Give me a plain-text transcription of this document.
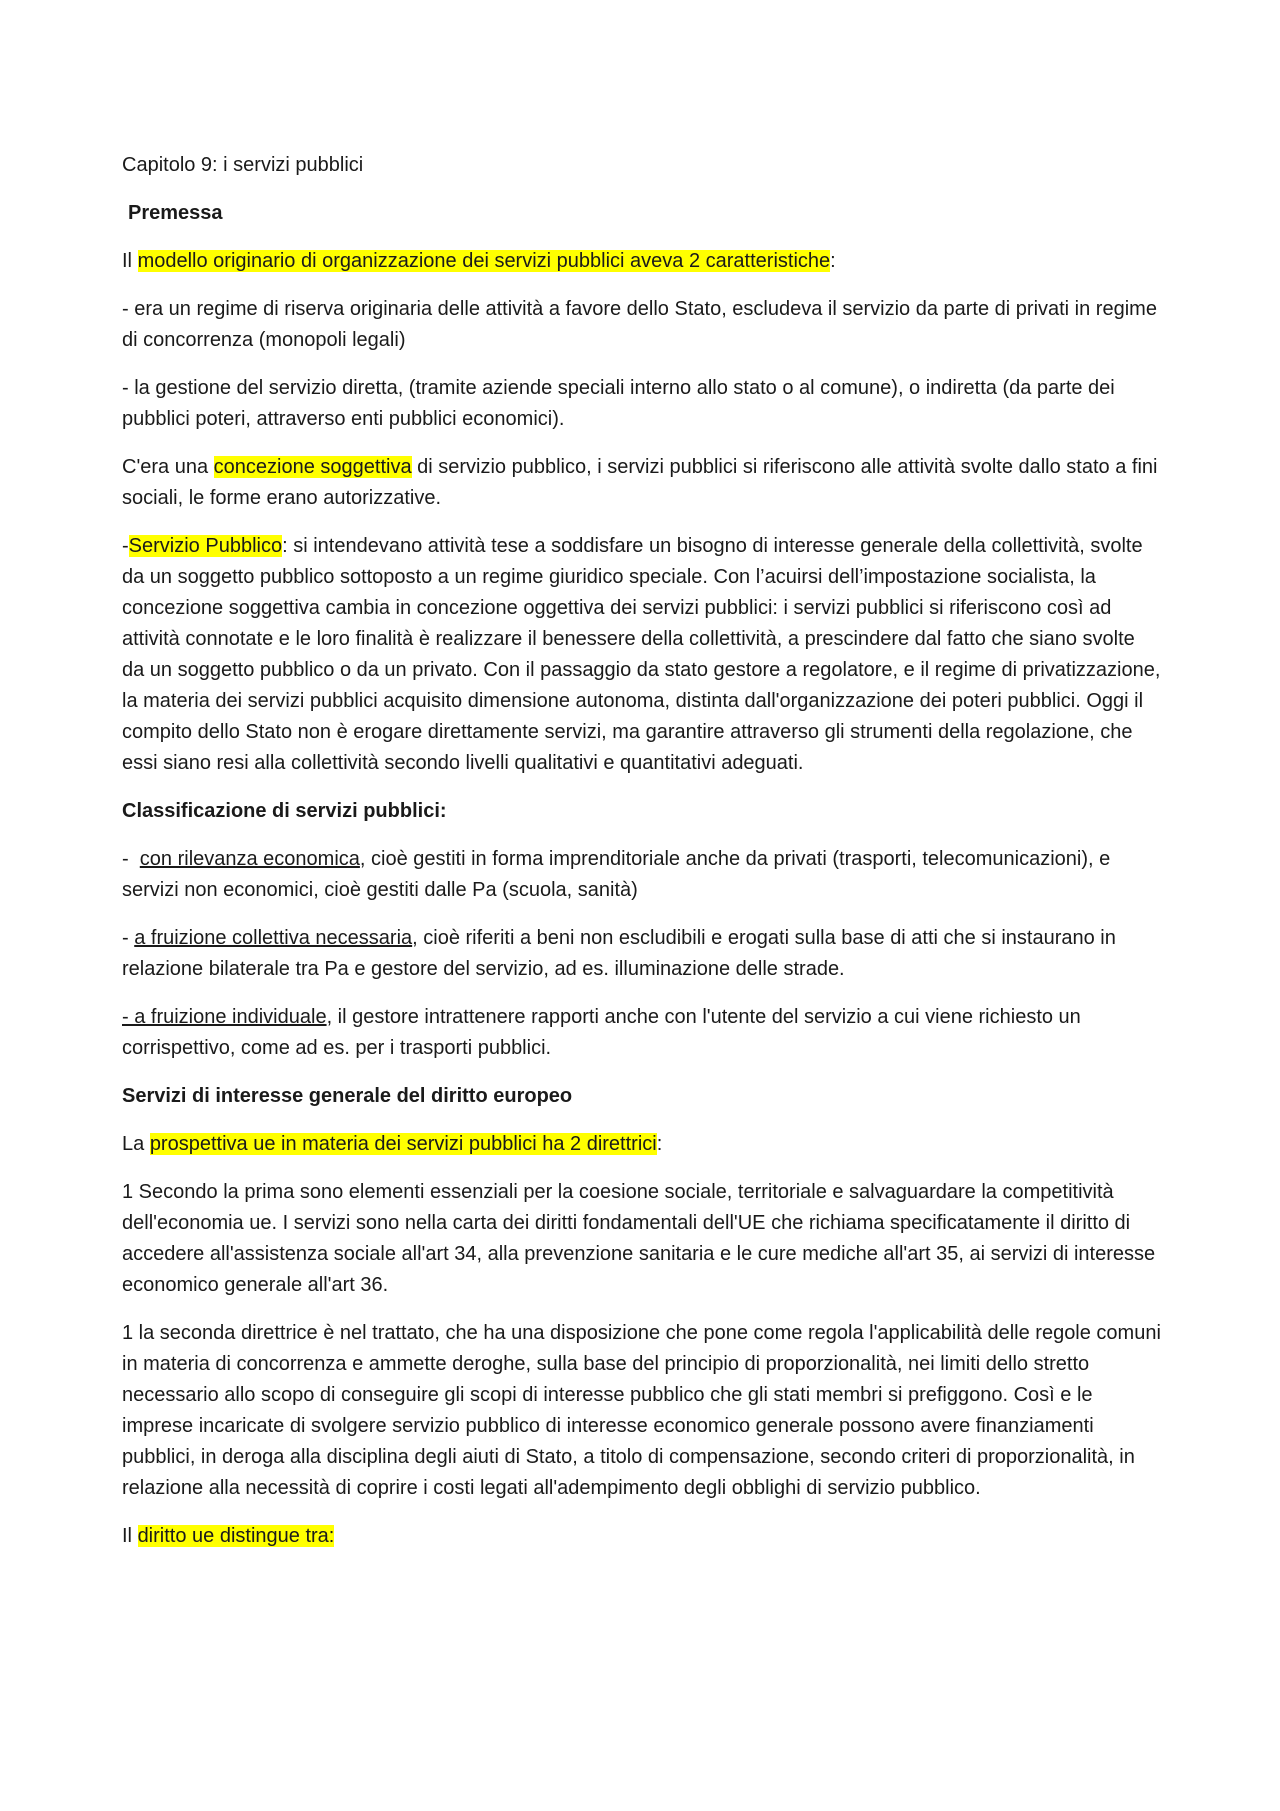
Capitolo 9: i servizi pubblici

Premessa

Il modello originario di organizzazione dei servizi pubblici aveva 2 caratteristiche:

- era un regime di riserva originaria delle attività a favore dello Stato, escludeva il servizio da parte di privati in regime di concorrenza (monopoli legali)

- la gestione del servizio diretta, (tramite aziende speciali interno allo stato o al comune), o indiretta (da parte dei pubblici poteri, attraverso enti pubblici economici).

C'era una concezione soggettiva di servizio pubblico, i servizi pubblici si riferiscono alle attività svolte dallo stato a fini sociali, le forme erano autorizzative.

-Servizio Pubblico: si intendevano attività tese a soddisfare un bisogno di interesse generale della collettività, svolte da un soggetto pubblico sottoposto a un regime giuridico speciale. Con l’acuirsi dell’impostazione socialista, la concezione soggettiva cambia in concezione oggettiva dei servizi pubblici: i servizi pubblici si riferiscono così ad attività connotate e le loro finalità è realizzare il benessere della collettività, a prescindere dal fatto che siano svolte da un soggetto pubblico o da un privato. Con il passaggio da stato gestore a regolatore, e il regime di privatizzazione, la materia dei servizi pubblici acquisito dimensione autonoma, distinta dall'organizzazione dei poteri pubblici. Oggi il compito dello Stato non è erogare direttamente servizi, ma garantire attraverso gli strumenti della regolazione, che essi siano resi alla collettività secondo livelli qualitativi e quantitativi adeguati.

Classificazione di servizi pubblici:

-  con rilevanza economica, cioè gestiti in forma imprenditoriale anche da privati (trasporti, telecomunicazioni), e servizi non economici, cioè gestiti dalle Pa (scuola, sanità)

- a fruizione collettiva necessaria, cioè riferiti a beni non escludibili e erogati sulla base di atti che si instaurano in relazione bilaterale tra Pa e gestore del servizio, ad es. illuminazione delle strade.

- a fruizione individuale, il gestore intrattenere rapporti anche con l'utente del servizio a cui viene richiesto un corrispettivo, come ad es. per i trasporti pubblici.

Servizi di interesse generale del diritto europeo

La prospettiva ue in materia dei servizi pubblici ha 2 direttrici:

1 Secondo la prima sono elementi essenziali per la coesione sociale, territoriale e salvaguardare la competitività dell'economia ue. I servizi sono nella carta dei diritti fondamentali dell'UE che richiama specificatamente il diritto di accedere all'assistenza sociale all'art 34, alla prevenzione sanitaria e le cure mediche all'art 35, ai servizi di interesse economico generale all'art 36.

1 la seconda direttrice è nel trattato, che ha una disposizione che pone come regola l'applicabilità delle regole comuni in materia di concorrenza e ammette deroghe, sulla base del principio di proporzionalità, nei limiti dello stretto necessario allo scopo di conseguire gli scopi di interesse pubblico che gli stati membri si prefiggono. Così e le imprese incaricate di svolgere servizio pubblico di interesse economico generale possono avere finanziamenti pubblici, in deroga alla disciplina degli aiuti di Stato, a titolo di compensazione, secondo criteri di proporzionalità, in relazione alla necessità di coprire i costi legati all'adempimento degli obblighi di servizio pubblico.

Il diritto ue distingue tra:
